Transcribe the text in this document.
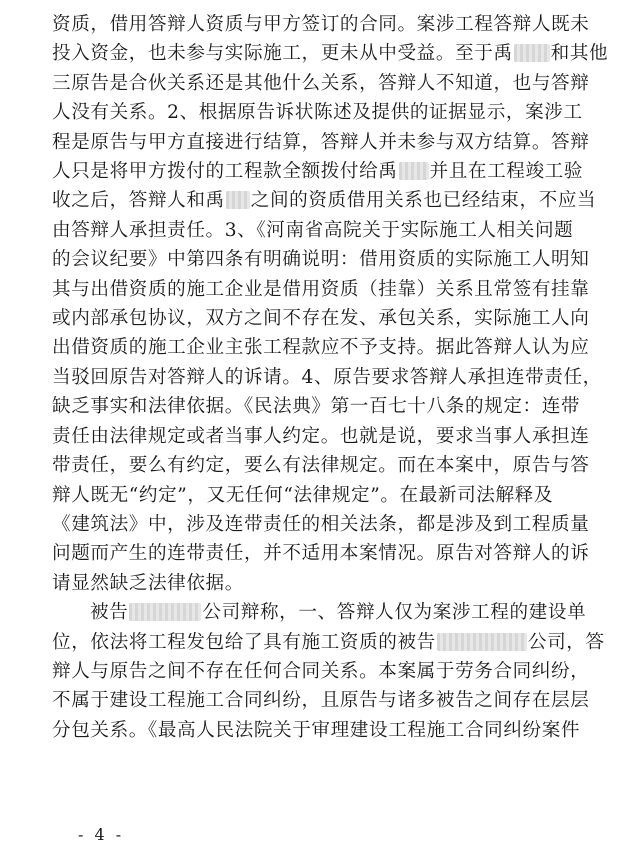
资质，借用答辩人资质与甲方签订的合同。案涉工程答辩人既未
投入资金，也未参与实际施工，更未从中受益。至于禹 和其他
三原告是合伙关系还是其他什么关系，答辩人不知道，也与答辩
人没有关系。2、根据原告诉状陈述及提供的证据显示，案涉工
程是原告与甲方直接进行结算，答辩人并未参与双方结算。答辩
人只是将甲方拨付的工程款全额拨付给禹 并且在工程竣工验
收之后，答辩人和禹 之间的资质借用关系也已经结束，不应当
由答辩人承担责任。3、《河南省高院关于实际施工人相关问题
的会议纪要》中第四条有明确说明：借用资质的实际施工人明知
其与出借资质的施工企业是借用资质（挂靠）关系且常签有挂靠
或内部承包协议，双方之间不存在发、承包关系，实际施工人向
出借资质的施工企业主张工程款应不予支持。据此答辩人认为应
当驳回原告对答辩人的诉请。4、原告要求答辩人承担连带责任，
缺乏事实和法律依据。《民法典》第一百七十八条的规定：连带
责任由法律规定或者当事人约定。也就是说，要求当事人承担连
带责任，要么有约定，要么有法律规定。而在本案中，原告与答
辩人既无“约定”，又无任何“法律规定”。在最新司法解释及
《建筑法》中，涉及连带责任的相关法条，都是涉及到工程质量
问题而产生的连带责任，并不适用本案情况。原告对答辩人的诉
请显然缺乏法律依据。
被告	公司辩称，一、答辩人仅为案涉工程的建设单
位，依法将工程发包给了具有施工资质的被告	公司，答
辩人与原告之间不存在任何合同关系。本案属于劳务合同纠纷，
不属于建设工程施工合同纠纷，且原告与诸多被告之间存在层层
分包关系。《最高人民法院关于审理建设工程施工合同纠纷案件
- 4 -
